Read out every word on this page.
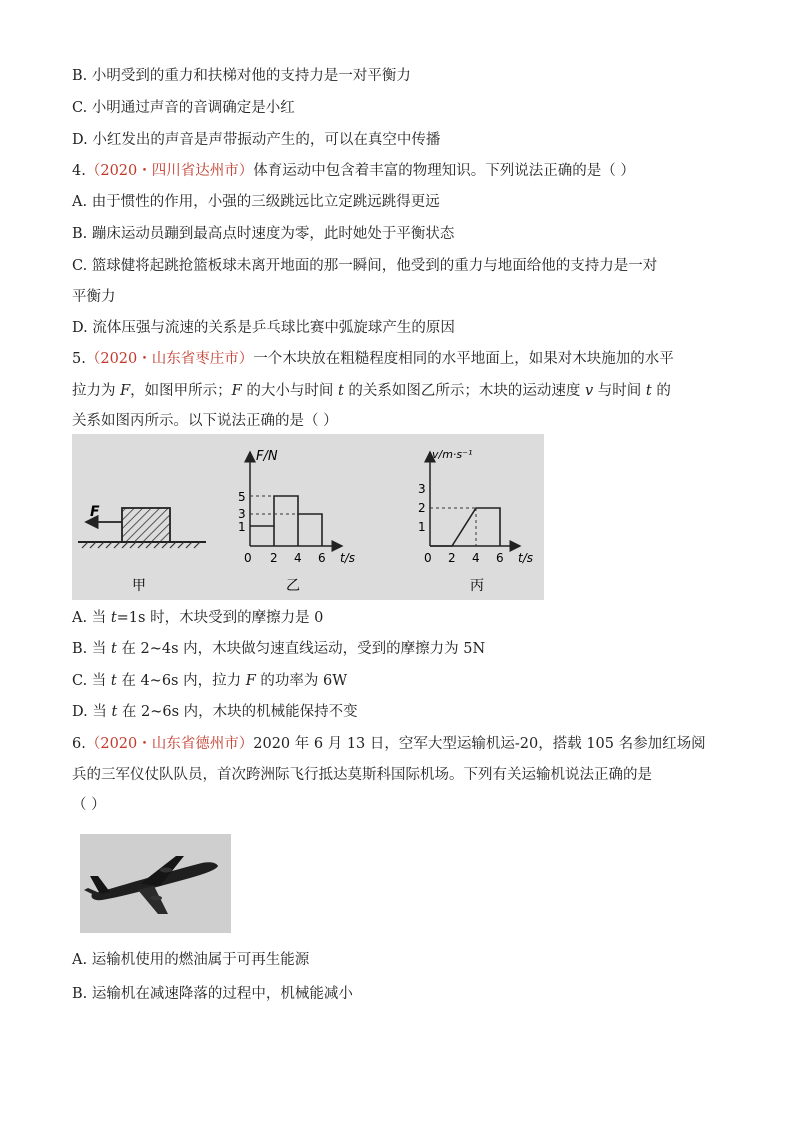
B. 小明受到的重力和扶梯对他的支持力是一对平衡力
C. 小明通过声音的音调确定是小红
D. 小红发出的声音是声带振动产生的，可以在真空中传播
4.（2020・四川省达州市）体育运动中包含着丰富的物理知识。下列说法正确的是（ ）
A. 由于惯性的作用，小强的三级跳远比立定跳远跳得更远
B. 蹦床运动员蹦到最高点时速度为零，此时她处于平衡状态
C. 篮球健将起跳抢篮板球未离开地面的那一瞬间，他受到的重力与地面给他的支持力是一对
平衡力
D. 流体压强与流速的关系是乒乓球比赛中弧旋球产生的原因
5.（2020・山东省枣庄市）一个木块放在粗糙程度相同的水平地面上，如果对木块施加的水平
拉力为 F，如图甲所示；F 的大小与时间 t 的关系如图乙所示；木块的运动速度 v 与时间 t 的
关系如图丙所示。以下说法正确的是（ ）
F
甲
F/N
5
3
1
0 2 4 6 t/s
乙
v/m·s⁻¹
3
2
1
0 2 4 6 t/s
丙
A. 当 t=1s 时，木块受到的摩擦力是 0
B. 当 t 在 2~4s 内，木块做匀速直线运动，受到的摩擦力为 5N
C. 当 t 在 4~6s 内，拉力 F 的功率为 6W
D. 当 t 在 2~6s 内，木块的机械能保持不变
6.（2020・山东省德州市）2020 年 6 月 13 日，空军大型运输机运-20，搭载 105 名参加红场阅
兵的三军仪仗队队员，首次跨洲际飞行抵达莫斯科国际机场。下列有关运输机说法正确的是
（ ）
A. 运输机使用的燃油属于可再生能源
B. 运输机在减速降落的过程中，机械能减小
